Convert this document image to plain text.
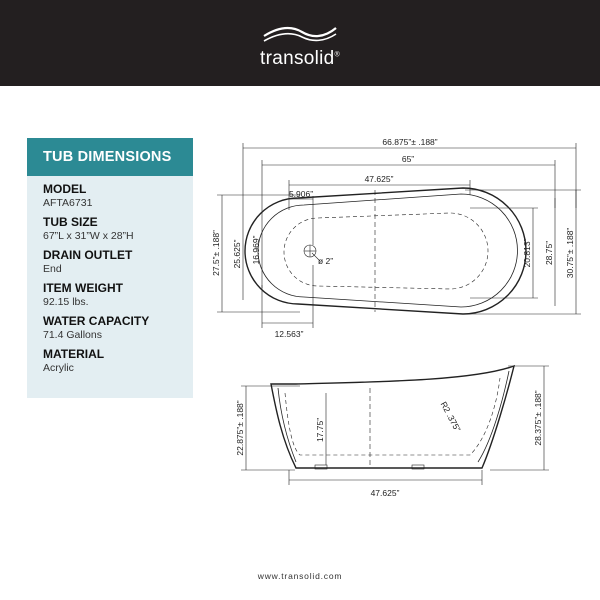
transolid®
TUB DIMENSIONS
MODEL
AFTA6731
TUB SIZE
67”L x 31”W x 28”H
DRAIN OUTLET
End
ITEM WEIGHT
92.15 lbs.
WATER CAPACITY
71.4 Gallons
MATERIAL
Acrylic
66.875”± .188”
65”
47.625”
5.906”
ø 2”
12.563”
27.5”± .188” 25.625” 16.969”	20.813” 28.75” 30.75”± .188”
22.875”± .188”	17.75”	R2 .375”	28.375”± .188”
47.625”
www.transolid.com
